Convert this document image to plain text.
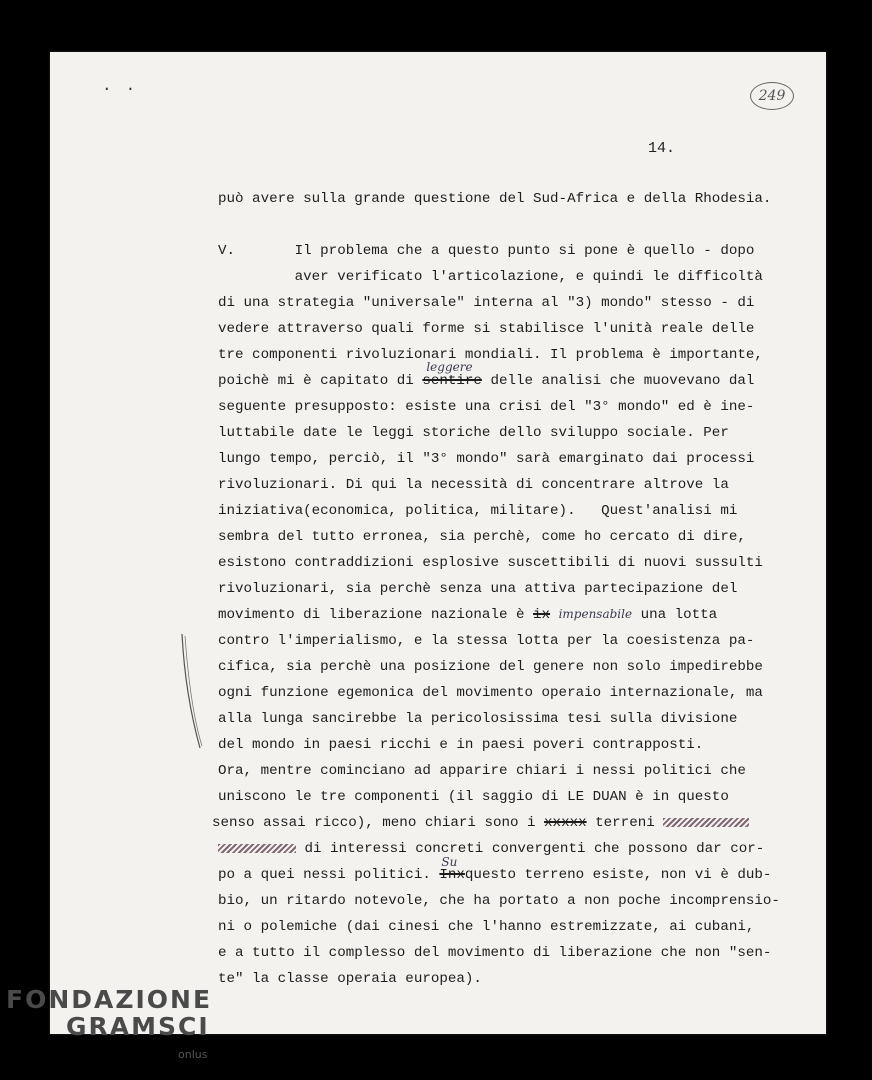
··	249
14.

può avere sulla grande questione del Sud-Africa e della Rhodesia.

V.       Il problema che a questo punto si pone è quello - dopo

aver verificato l'articolazione, e quindi le difficoltà

di una strategia "universale" interna al "3) mondo" stesso - di

vedere attraverso quali forme si stabilisce l'unità reale delle

tre componenti rivoluzionari mondiali. Il problema è importante,

poichè mi è capitato di sentire
leggere
delle analisi che muovevano dal

seguente presupposto: esiste una crisi del "3° mondo" ed è ine-

luttabile date le leggi storiche dello sviluppo sociale. Per

lungo tempo, perciò, il "3° mondo" sarà emarginato dai processi

rivoluzionari. Di qui la necessità di concentrare altrove la

iniziativa(economica, politica, militare).   Quest'analisi mi

sembra del tutto erronea, sia perchè, come ho cercato di dire,

esistono contraddizioni esplosive suscettibili di nuovi sussulti

rivoluzionari, sia perchè senza una attiva partecipazione del

movimento di liberazione nazionale è ix impensabile una lotta

contro l'imperialismo, e la stessa lotta per la coesistenza pa-

cifica, sia perchè una posizione del genere non solo impedirebbe

ogni funzione egemonica del movimento operaio internazionale, ma

alla lunga sancirebbe la pericolosissima tesi sulla divisione

del mondo in paesi ricchi e in paesi poveri contrapposti.

Ora, mentre cominciano ad apparire chiari i nessi politici che

uniscono le tre componenti (il saggio di LE DUAN è in questo

senso assai ricco), meno chiari sono i xxxxx terreni

di interessi concreti convergenti che possono dar cor-

po a quei nessi politici. Inx
Su
questo terreno esiste, non vi è dub-

bio, un ritardo notevole, che ha portato a non poche incomprensio-

ni o polemiche (dai cinesi che l'hanno estremizzate, ai cubani,

e a tutto il complesso del movimento di liberazione che non "sen-

te" la classe operaia europea).

FONDAZIONE
GRAMSCI
onlus
